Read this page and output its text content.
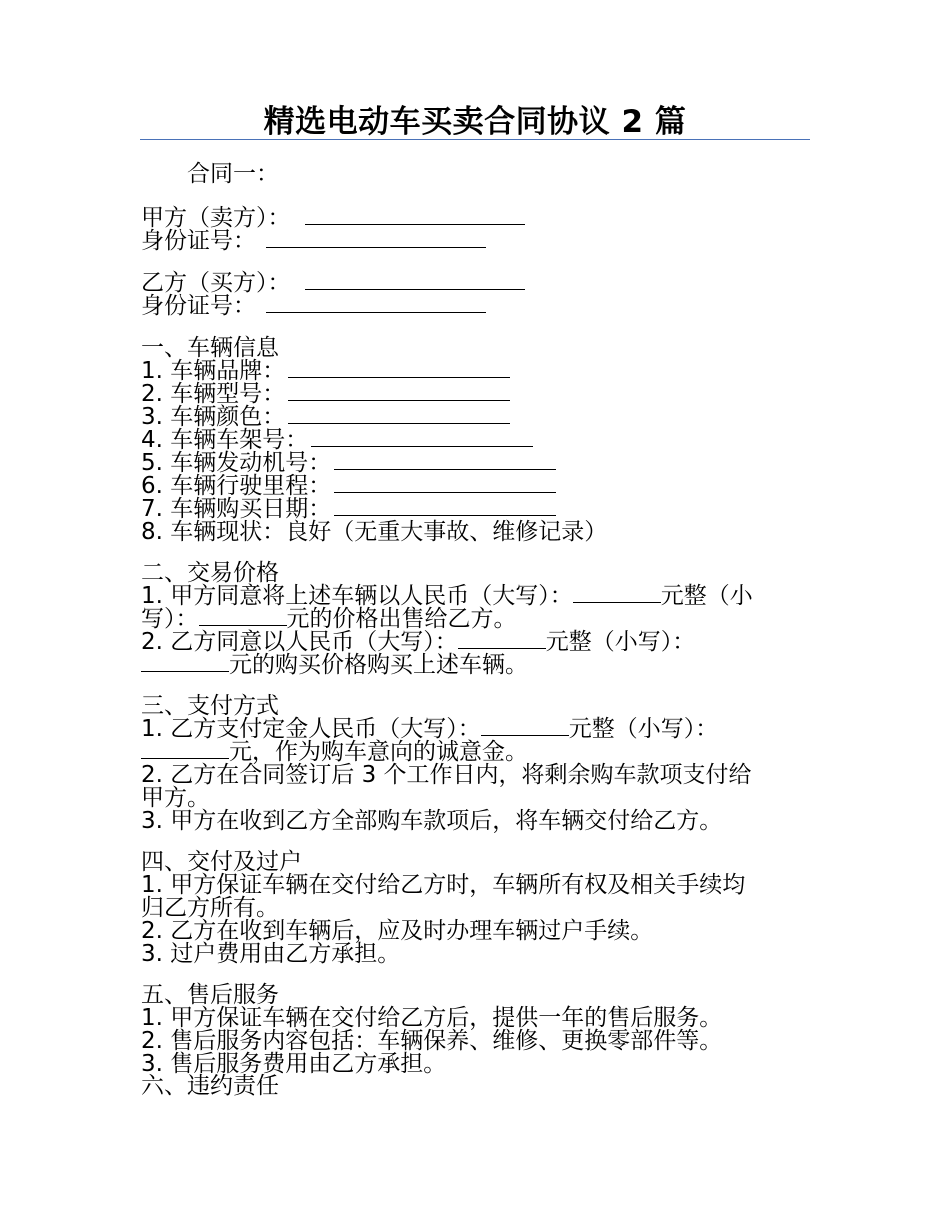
精选电动车买卖合同协议 2 篇
合同一：
甲方（卖方）：
身份证号：
乙方（买方）：
身份证号：
一、车辆信息
1. 车辆品牌：
2. 车辆型号：
3. 车辆颜色：
4. 车辆车架号：
5. 车辆发动机号：
6. 车辆行驶里程：
7. 车辆购买日期：
8. 车辆现状：良好（无重大事故、维修记录）
二、交易价格
1. 甲方同意将上述车辆以人民币（大写）：	元整（小
写）：	元的价格出售给乙方。
2. 乙方同意以人民币（大写）：	元整（小写）：
元的购买价格购买上述车辆。
三、支付方式
1. 乙方支付定金人民币（大写）：	元整（小写）：
元，作为购车意向的诚意金。
2. 乙方在合同签订后 3 个工作日内，将剩余购车款项支付给
甲方。
3. 甲方在收到乙方全部购车款项后，将车辆交付给乙方。
四、交付及过户
1. 甲方保证车辆在交付给乙方时，车辆所有权及相关手续均
归乙方所有。
2. 乙方在收到车辆后，应及时办理车辆过户手续。
3. 过户费用由乙方承担。
五、售后服务
1. 甲方保证车辆在交付给乙方后，提供一年的售后服务。
2. 售后服务内容包括：车辆保养、维修、更换零部件等。
3. 售后服务费用由乙方承担。
六、违约责任
